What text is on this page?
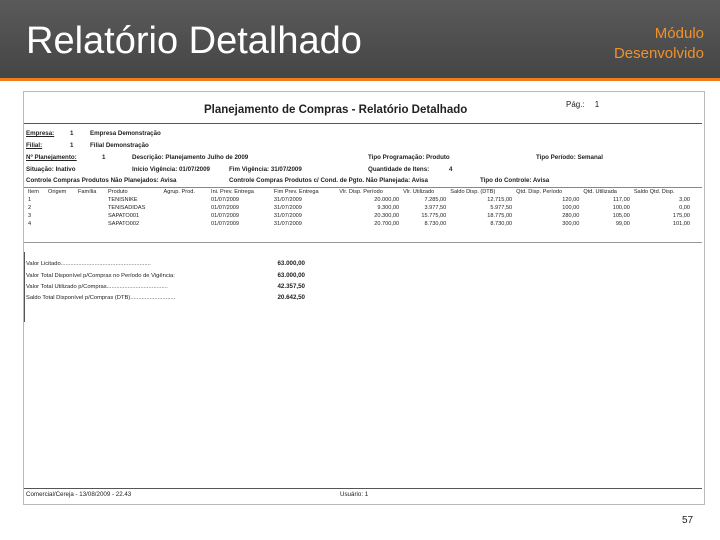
Relatório Detalhado	Módulo
Desenvolvido
Planejamento de Compras - Relatório Detalhado	Pág.: 1
Empresa:	1	Empresa Demonstração
Filial:	1	Filial Demonstração
Nº Planejamento:	1	Descrição: Planejamento Julho de 2009	Tipo Programação: Produto	Tipo Período: Semanal
Situação: Inativo	Início Vigência: 01/07/2009	Fim Vigência: 31/07/2009	Quantidade de Itens:	4
Controle Compras Produtos Não Planejados: Avisa	Controle Compras Produtos c/ Cond. de Pgto. Não Planejada: Avisa	Tipo do Controle: Avisa
Item	Origem	Família	Produto	Agrup. Prod.	Ini. Prev. Entrega	Fim Prev. Entrega	Vlr. Disp. Período	Vlr. Utilizado	Saldo Disp. (DTB)	Qtd. Disp. Período	Qtd. Utilizada	Saldo Qtd. Disp.
1			TENISNIKE		01/07/2009	31/07/2009	20.000,00	7.285,00	12.715,00	120,00	117,00	3,00
2			TENISADIDAS		01/07/2009	31/07/2009	9.300,00	3.977,50	5.977,50	100,00	100,00	0,00
3			SAPATO001		01/07/2009	31/07/2009	20.300,00	15.775,00	18.775,00	280,00	105,00	175,00
4			SAPATO002		01/07/2009	31/07/2009	20.700,00	8.730,00	8.730,00	300,00	99,00	101,00
Valor Licitado........................................................	63.000,00
Valor Total Disponível p/Compras no Período de Vigência:	63.000,00
Valor Total Utilizado p/Compras......................................	42.357,50
Saldo Total Disponível p/Compras (DTB)............................	20.642,50
Comercial/Cereja - 13/08/2009 - 22.43	Usuário: 1
57
